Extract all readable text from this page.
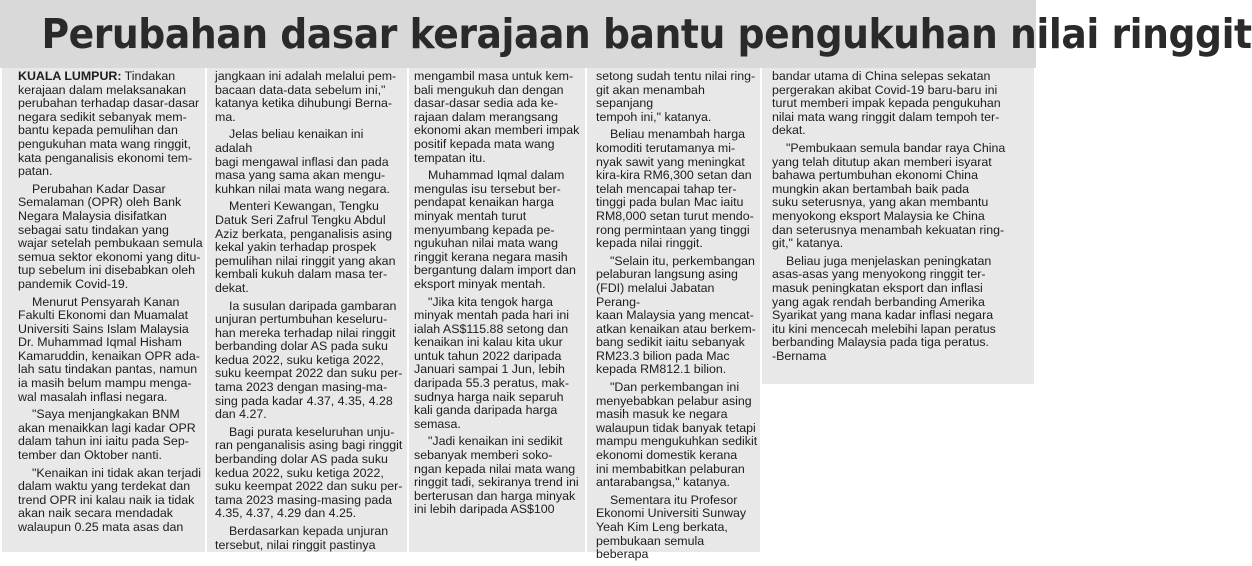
Perubahan dasar kerajaan bantu pengukuhan nilai ringgit

KUALA LUMPUR: Tindakan
kerajaan dalam melaksanakan
perubahan terhadap dasar-dasar
negara sedikit sebanyak mem-
bantu kepada pemulihan dan
pengukuhan mata wang ringgit,
kata penganalisis ekonomi tem-
patan.

Perubahan Kadar Dasar
Semalaman (OPR) oleh Bank
Negara Malaysia disifatkan
sebagai satu tindakan yang
wajar setelah pembukaan semula
semua sektor ekonomi yang ditu-
tup sebelum ini disebabkan oleh
pandemik Covid-19.

Menurut Pensyarah Kanan
Fakulti Ekonomi dan Muamalat
Universiti Sains Islam Malaysia
Dr. Muhammad Iqmal Hisham
Kamaruddin, kenaikan OPR ada-
lah satu tindakan pantas, namun
ia masih belum mampu menga-
wal masalah inflasi negara.

"Saya menjangkakan BNM
akan menaikkan lagi kadar OPR
dalam tahun ini iaitu pada Sep-
tember dan Oktober nanti.

"Kenaikan ini tidak akan terjadi
dalam waktu yang terdekat dan
trend OPR ini kalau naik ia tidak
akan naik secara mendadak
walaupun 0.25 mata asas dan

jangkaan ini adalah melalui pem-
bacaan data-data sebelum ini,"
katanya ketika dihubungi Berna-
ma.

Jelas beliau kenaikan ini adalah
bagi mengawal inflasi dan pada
masa yang sama akan mengu-
kuhkan nilai mata wang negara.

Menteri Kewangan, Tengku
Datuk Seri Zafrul Tengku Abdul
Aziz berkata, penganalisis asing
kekal yakin terhadap prospek
pemulihan nilai ringgit yang akan
kembali kukuh dalam masa ter-
dekat.

Ia susulan daripada gambaran
unjuran pertumbuhan keseluru-
han mereka terhadap nilai ringgit
berbanding dolar AS pada suku
kedua 2022, suku ketiga 2022,
suku keempat 2022 dan suku per-
tama 2023 dengan masing-ma-
sing pada kadar 4.37, 4.35, 4.28
dan 4.27.

Bagi purata keseluruhan unju-
ran penganalisis asing bagi ringgit
berbanding dolar AS pada suku
kedua 2022, suku ketiga 2022,
suku keempat 2022 dan suku per-
tama 2023 masing-masing pada
4.35, 4.37, 4.29 dan 4.25.

Berdasarkan kepada unjuran
tersebut, nilai ringgit pastinya

mengambil masa untuk kem-
bali mengukuh dan dengan
dasar-dasar sedia ada ke-
rajaan dalam merangsang
ekonomi akan memberi impak
positif kepada mata wang
tempatan itu.

Muhammad Iqmal dalam
mengulas isu tersebut ber-
pendapat kenaikan harga
minyak mentah turut
menyumbang kepada pe-
ngukuhan nilai mata wang
ringgit kerana negara masih
bergantung dalam import dan
eksport minyak mentah.

"Jika kita tengok harga
minyak mentah pada hari ini
ialah AS$115.88 setong dan
kenaikan ini kalau kita ukur
untuk tahun 2022 daripada
Januari sampai 1 Jun, lebih
daripada 55.3 peratus, mak-
sudnya harga naik separuh
kali ganda daripada harga
semasa.

"Jadi kenaikan ini sedikit
sebanyak memberi soko-
ngan kepada nilai mata wang
ringgit tadi, sekiranya trend ini
berterusan dan harga minyak
ini lebih daripada AS$100

setong sudah tentu nilai ring-
git akan menambah sepanjang
tempoh ini," katanya.

Beliau menambah harga
komoditi terutamanya mi-
nyak sawit yang meningkat
kira-kira RM6,300 setan dan
telah mencapai tahap ter-
tinggi pada bulan Mac iaitu
RM8,000 setan turut mendo-
rong permintaan yang tinggi
kepada nilai ringgit.

"Selain itu, perkembangan
pelaburan langsung asing
(FDI) melalui Jabatan Perang-
kaan Malaysia yang mencat-
atkan kenaikan atau berkem-
bang sedikit iaitu sebanyak
RM23.3 bilion pada Mac
kepada RM812.1 bilion.

"Dan perkembangan ini
menyebabkan pelabur asing
masih masuk ke negara
walaupun tidak banyak tetapi
mampu mengukuhkan sedikit
ekonomi domestik kerana
ini membabitkan pelaburan
antarabangsa," katanya.

Sementara itu Profesor
Ekonomi Universiti Sunway
Yeah Kim Leng berkata,
pembukaan semula beberapa

bandar utama di China selepas sekatan
pergerakan akibat Covid-19 baru-baru ini
turut memberi impak kepada pengukuhan
nilai mata wang ringgit dalam tempoh ter-
dekat.

"Pembukaan semula bandar raya China
yang telah ditutup akan memberi isyarat
bahawa pertumbuhan ekonomi China
mungkin akan bertambah baik pada
suku seterusnya, yang akan membantu
menyokong eksport Malaysia ke China
dan seterusnya menambah kekuatan ring-
git," katanya.

Beliau juga menjelaskan peningkatan
asas-asas yang menyokong ringgit ter-
masuk peningkatan eksport dan inflasi
yang agak rendah berbanding Amerika
Syarikat yang mana kadar inflasi negara
itu kini mencecah melebihi lapan peratus
berbanding Malaysia pada tiga peratus.
-Bernama
